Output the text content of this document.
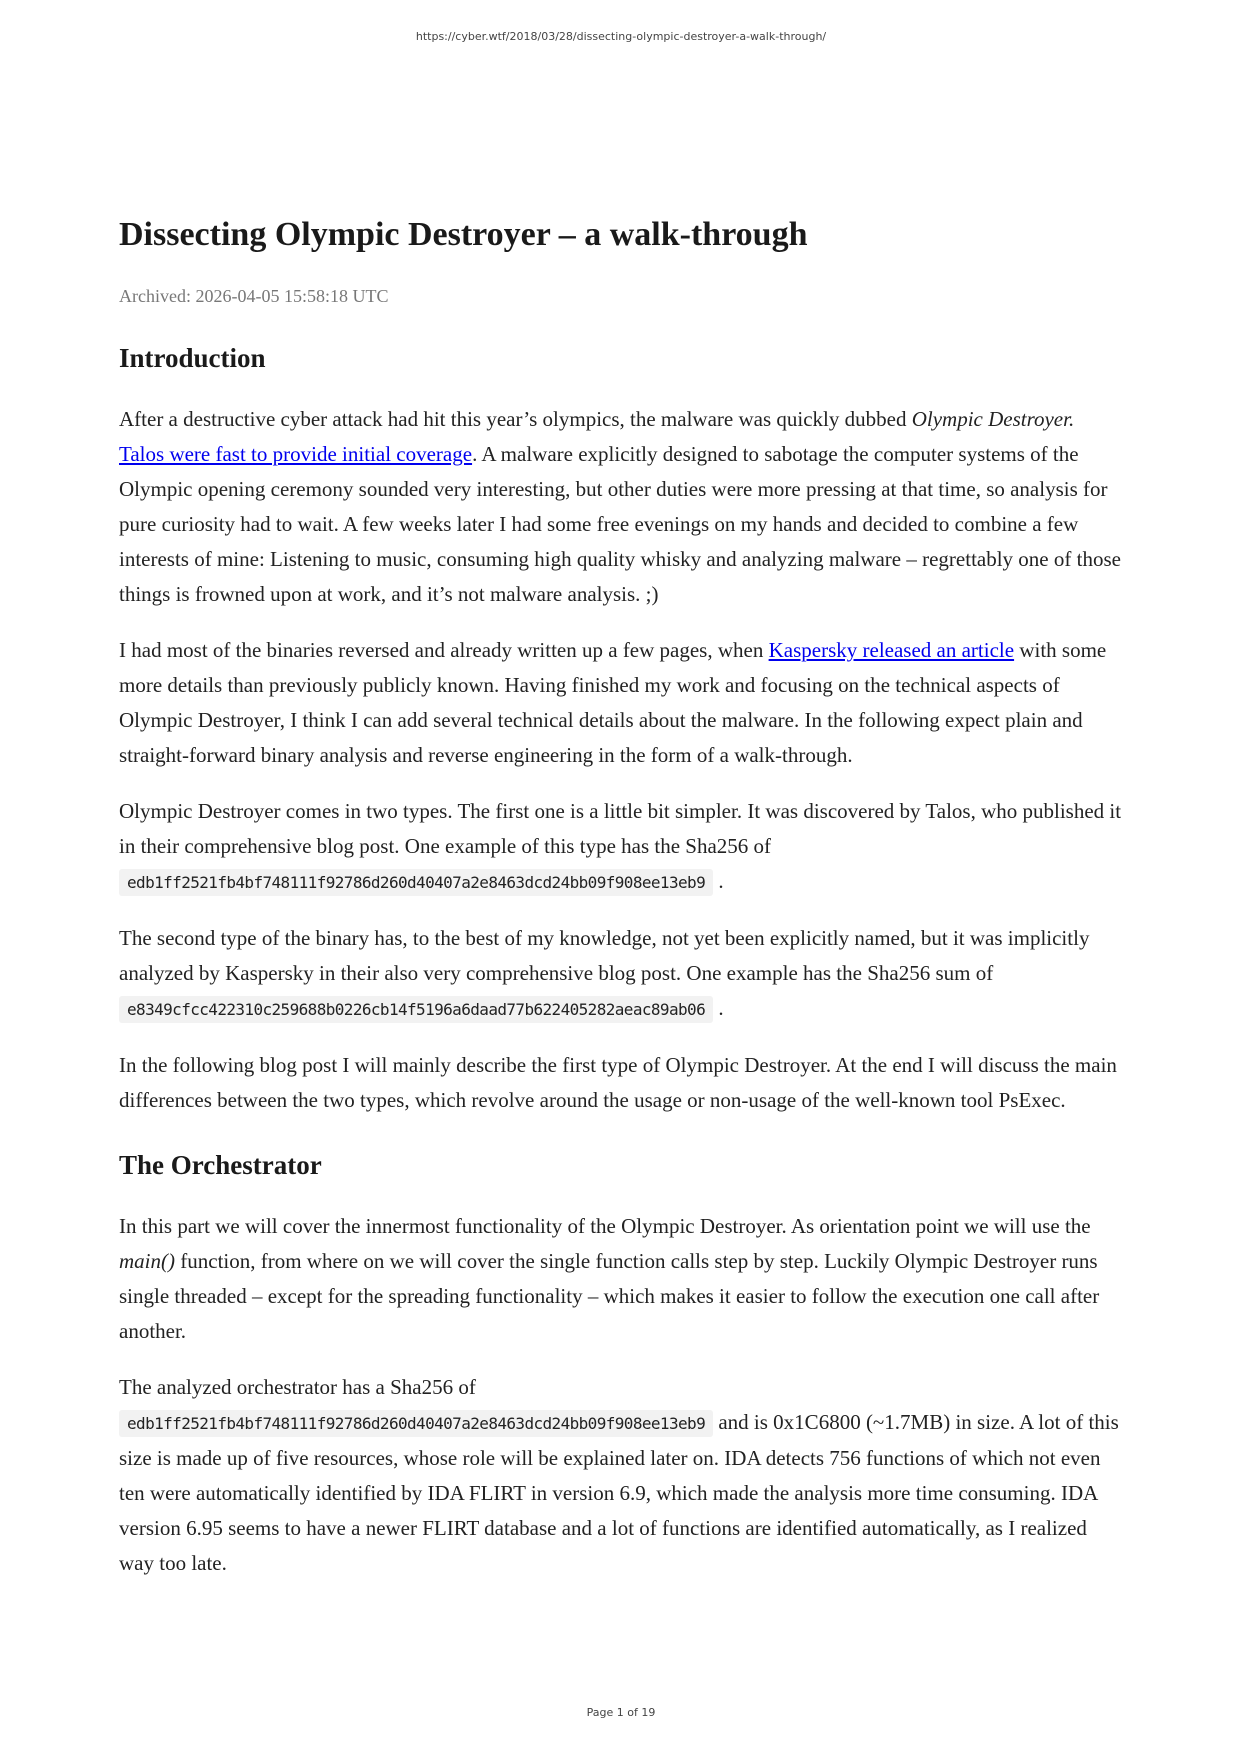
https://cyber.wtf/2018/03/28/dissecting-olympic-destroyer-a-walk-through/
Dissecting Olympic Destroyer – a walk-through
Archived: 2026-04-05 15:58:18 UTC
Introduction

After a destructive cyber attack had hit this year’s olympics, the malware was quickly dubbed Olympic Destroyer. Talos were fast to provide initial coverage. A malware explicitly designed to sabotage the computer systems of the Olympic opening ceremony sounded very interesting, but other duties were more pressing at that time, so analysis for pure curiosity had to wait. A few weeks later I had some free evenings on my hands and decided to combine a few interests of mine: Listening to music, consuming high quality whisky and analyzing malware – regrettably one of those things is frowned upon at work, and it’s not malware analysis. ;)

I had most of the binaries reversed and already written up a few pages, when Kaspersky released an article with some more details than previously publicly known. Having finished my work and focusing on the technical aspects of Olympic Destroyer, I think I can add several technical details about the malware. In the following expect plain and straight-forward binary analysis and reverse engineering in the form of a walk-through.

Olympic Destroyer comes in two types. The first one is a little bit simpler. It was discovered by Talos, who published it in their comprehensive blog post. One example of this type has the Sha256 of edb1ff2521fb4bf748111f92786d260d40407a2e8463dcd24bb09f908ee13eb9 .

The second type of the binary has, to the best of my knowledge, not yet been explicitly named, but it was implicitly analyzed by Kaspersky in their also very comprehensive blog post. One example has the Sha256 sum of e8349cfcc422310c259688b0226cb14f5196a6daad77b622405282aeac89ab06 .

In the following blog post I will mainly describe the first type of Olympic Destroyer. At the end I will discuss the main differences between the two types, which revolve around the usage or non-usage of the well-known tool PsExec.

The Orchestrator

In this part we will cover the innermost functionality of the Olympic Destroyer. As orientation point we will use the main() function, from where on we will cover the single function calls step by step. Luckily Olympic Destroyer runs single threaded – except for the spreading functionality – which makes it easier to follow the execution one call after another.

The analyzed orchestrator has a Sha256 of
edb1ff2521fb4bf748111f92786d260d40407a2e8463dcd24bb09f908ee13eb9 and is 0x1C6800 (~1.7MB) in size. A lot of this size is made up of five resources, whose role will be explained later on. IDA detects 756 functions of which not even ten were automatically identified by IDA FLIRT in version 6.9, which made the analysis more time consuming. IDA version 6.95 seems to have a newer FLIRT database and a lot of functions are identified automatically, as I realized way too late.

Page 1 of 19
